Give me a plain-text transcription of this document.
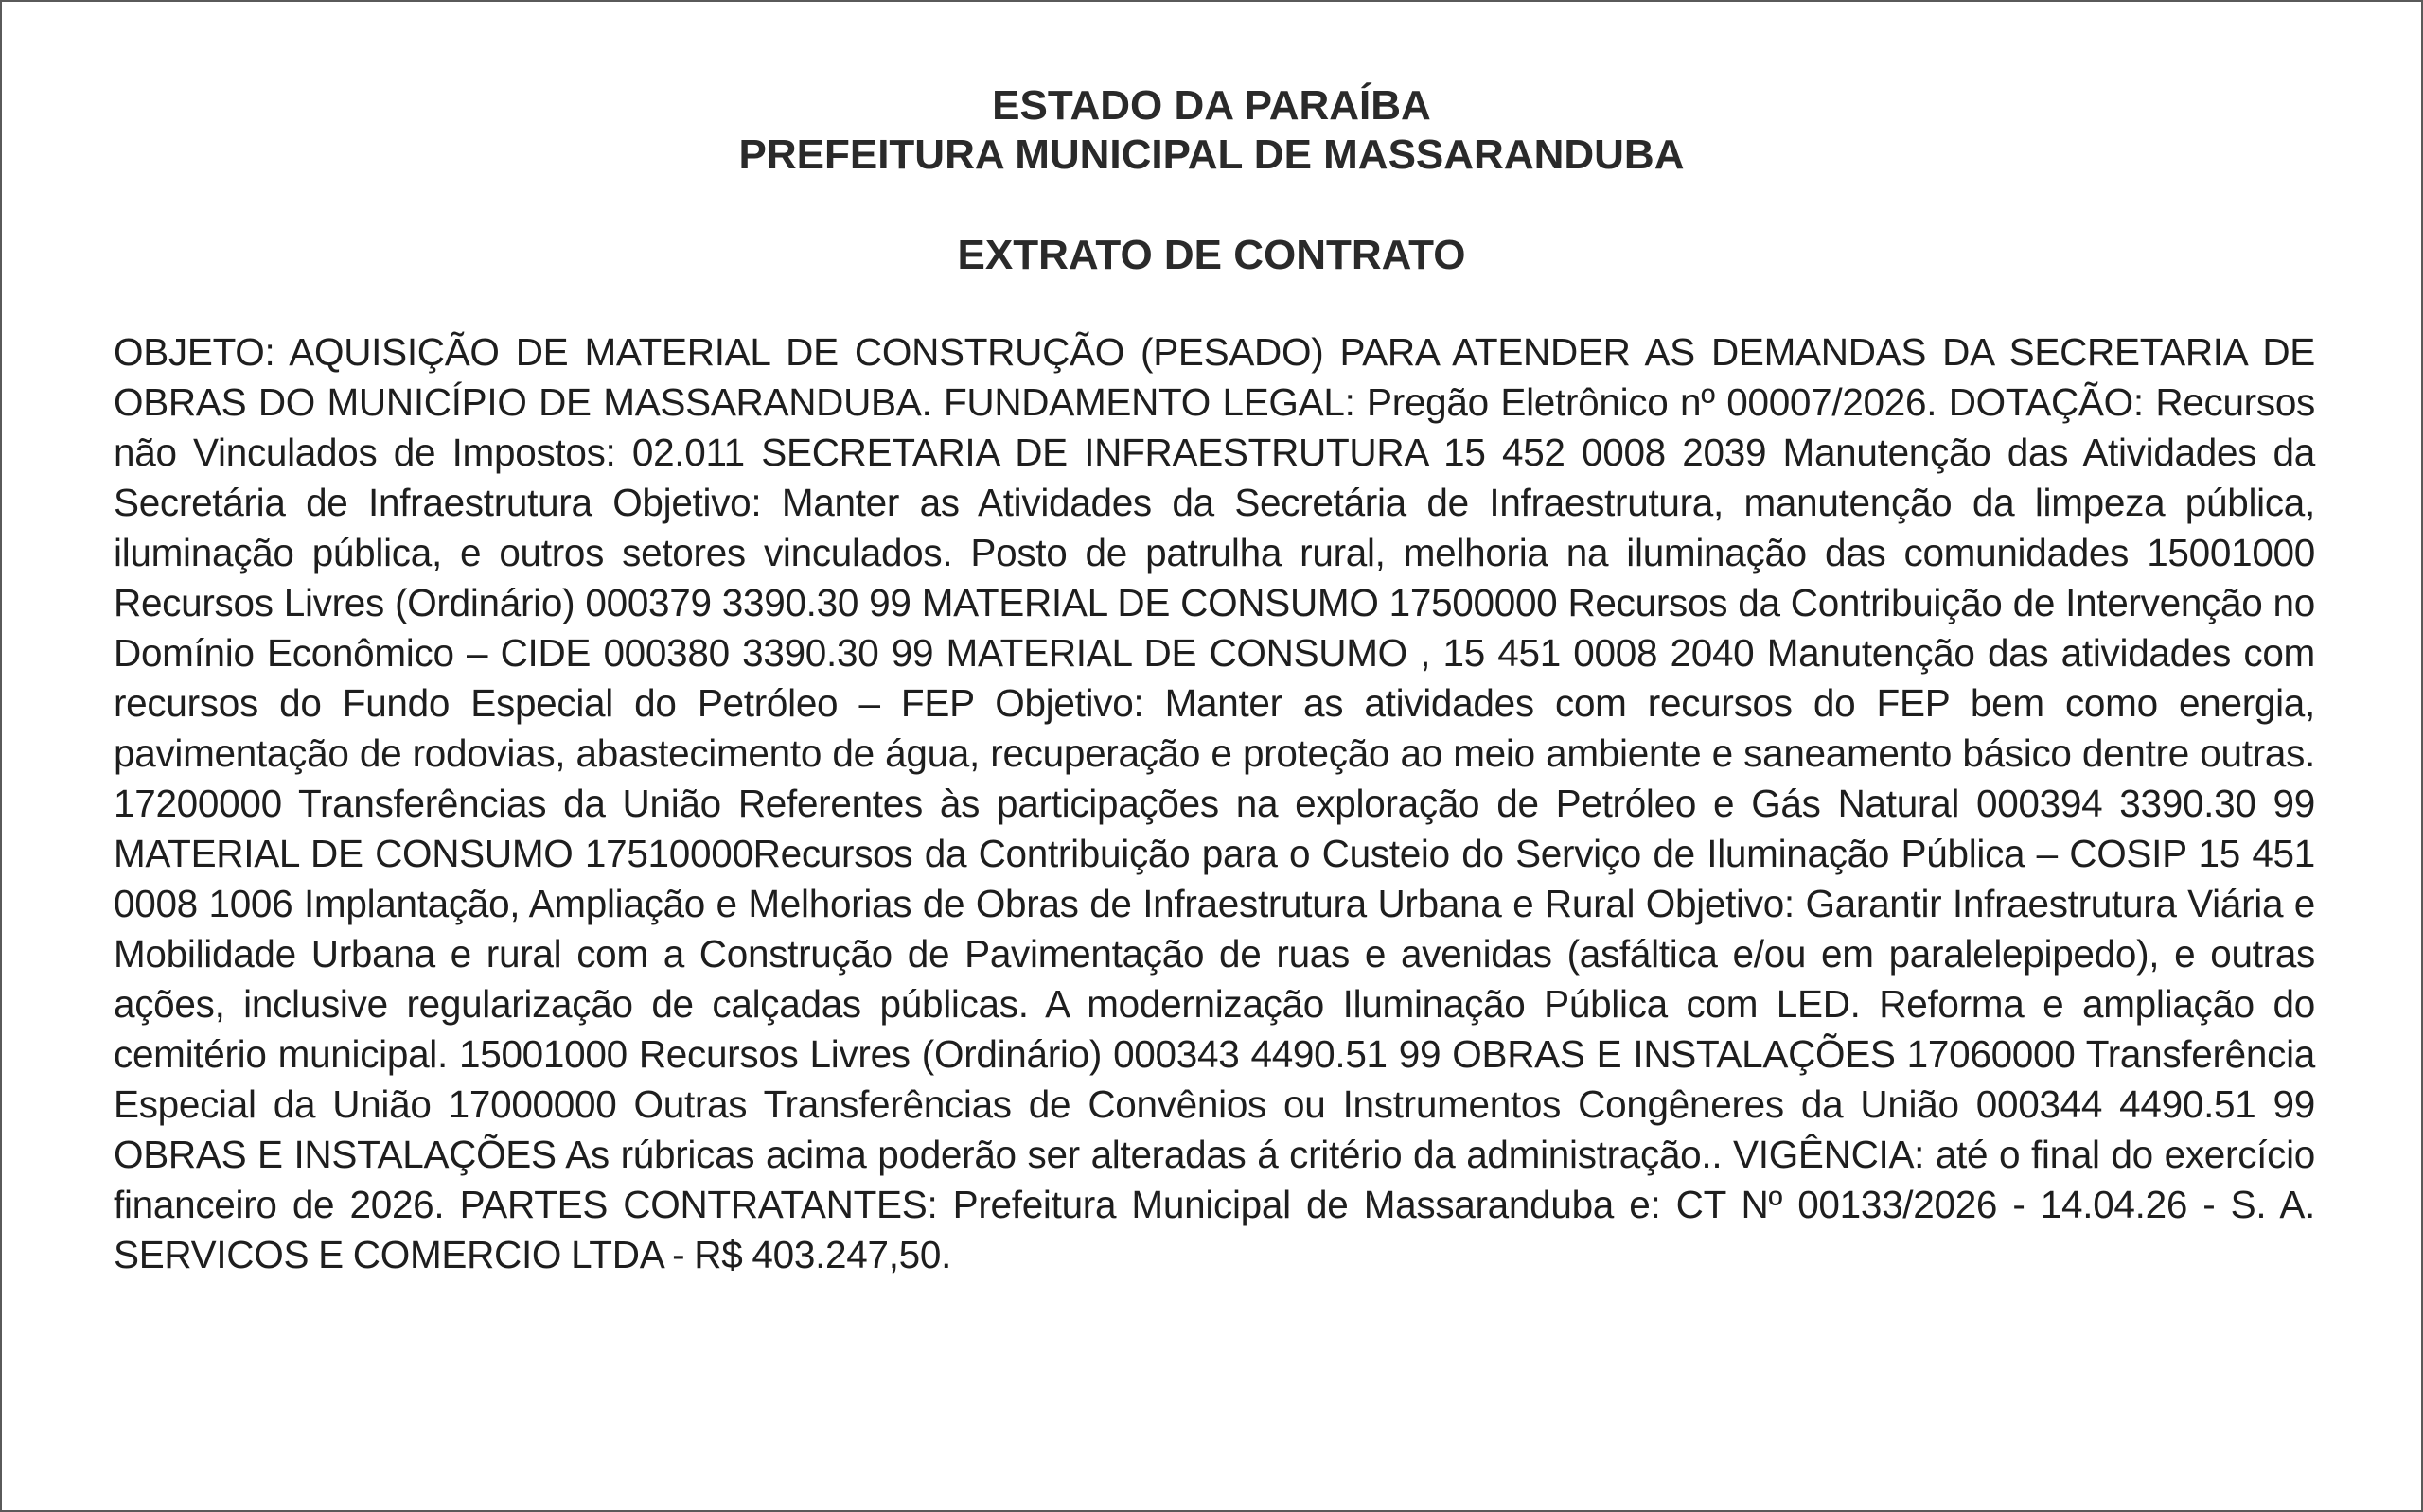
ESTADO DA PARAÍBA
PREFEITURA MUNICIPAL DE MASSARANDUBA
EXTRATO DE CONTRATO

OBJETO: AQUISIÇÃO DE MATERIAL DE CONSTRUÇÃO (PESADO) PARA ATENDER AS DEMANDAS DA SECRETARIA DE OBRAS DO MUNICÍPIO DE MASSARANDUBA. FUNDAMENTO LEGAL: Pregão Eletrônico nº 00007/2026. DOTAÇÃO: Recursos não Vinculados de Impostos: 02.011 SECRETARIA DE INFRAESTRUTURA 15 452 0008 2039 Manutenção das Atividades da Secretária de Infraestrutura Objetivo: Manter as Atividades da Secretária de Infraestrutura, manutenção da limpeza pública, iluminação pública, e outros setores vinculados. Posto de patrulha rural, melhoria na iluminação das comunidades 15001000 Recursos Livres (Ordinário) 000379 3390.30 99 MATERIAL DE CONSUMO 17500000 Recursos da Contribuição de Intervenção no Domínio Econômico – CIDE 000380 3390.30 99 MATERIAL DE CONSUMO , 15 451 0008 2040 Manutenção das atividades com recursos do Fundo Especial do Petróleo – FEP Objetivo: Manter as atividades com recursos do FEP bem como energia, pavimentação de rodovias, abastecimento de água, recuperação e proteção ao meio ambiente e saneamento básico dentre outras. 17200000 Transferências da União Referentes às participações na exploração de Petróleo e Gás Natural 000394 3390.30 99 MATERIAL DE CONSUMO 17510000Recursos da Contribuição para o Custeio do Serviço de Iluminação Pública – COSIP 15 451 0008 1006 Implantação, Ampliação e Melhorias de Obras de Infraestrutura Urbana e Rural Objetivo: Garantir Infraestrutura Viária e Mobilidade Urbana e rural com a Construção de Pavimentação de ruas e avenidas (asfáltica e/ou em paralelepipedo), e outras ações, inclusive regularização de calçadas públicas. A modernização Iluminação Pública com LED. Reforma e ampliação do cemitério municipal. 15001000 Recursos Livres (Ordinário) 000343 4490.51 99 OBRAS E INSTALAÇÕES 17060000 Transferência Especial da União 17000000 Outras Transferências de Convênios ou Instrumentos Congêneres da União 000344 4490.51 99 OBRAS E INSTALAÇÕES As rúbricas acima poderão ser alteradas á critério da administração.. VIGÊNCIA: até o final do exercício financeiro de 2026. PARTES CONTRATANTES: Prefeitura Municipal de Massaranduba e: CT Nº 00133/2026 - 14.04.26 - S. A. SERVICOS E COMERCIO LTDA - R$ 403.247,50.
